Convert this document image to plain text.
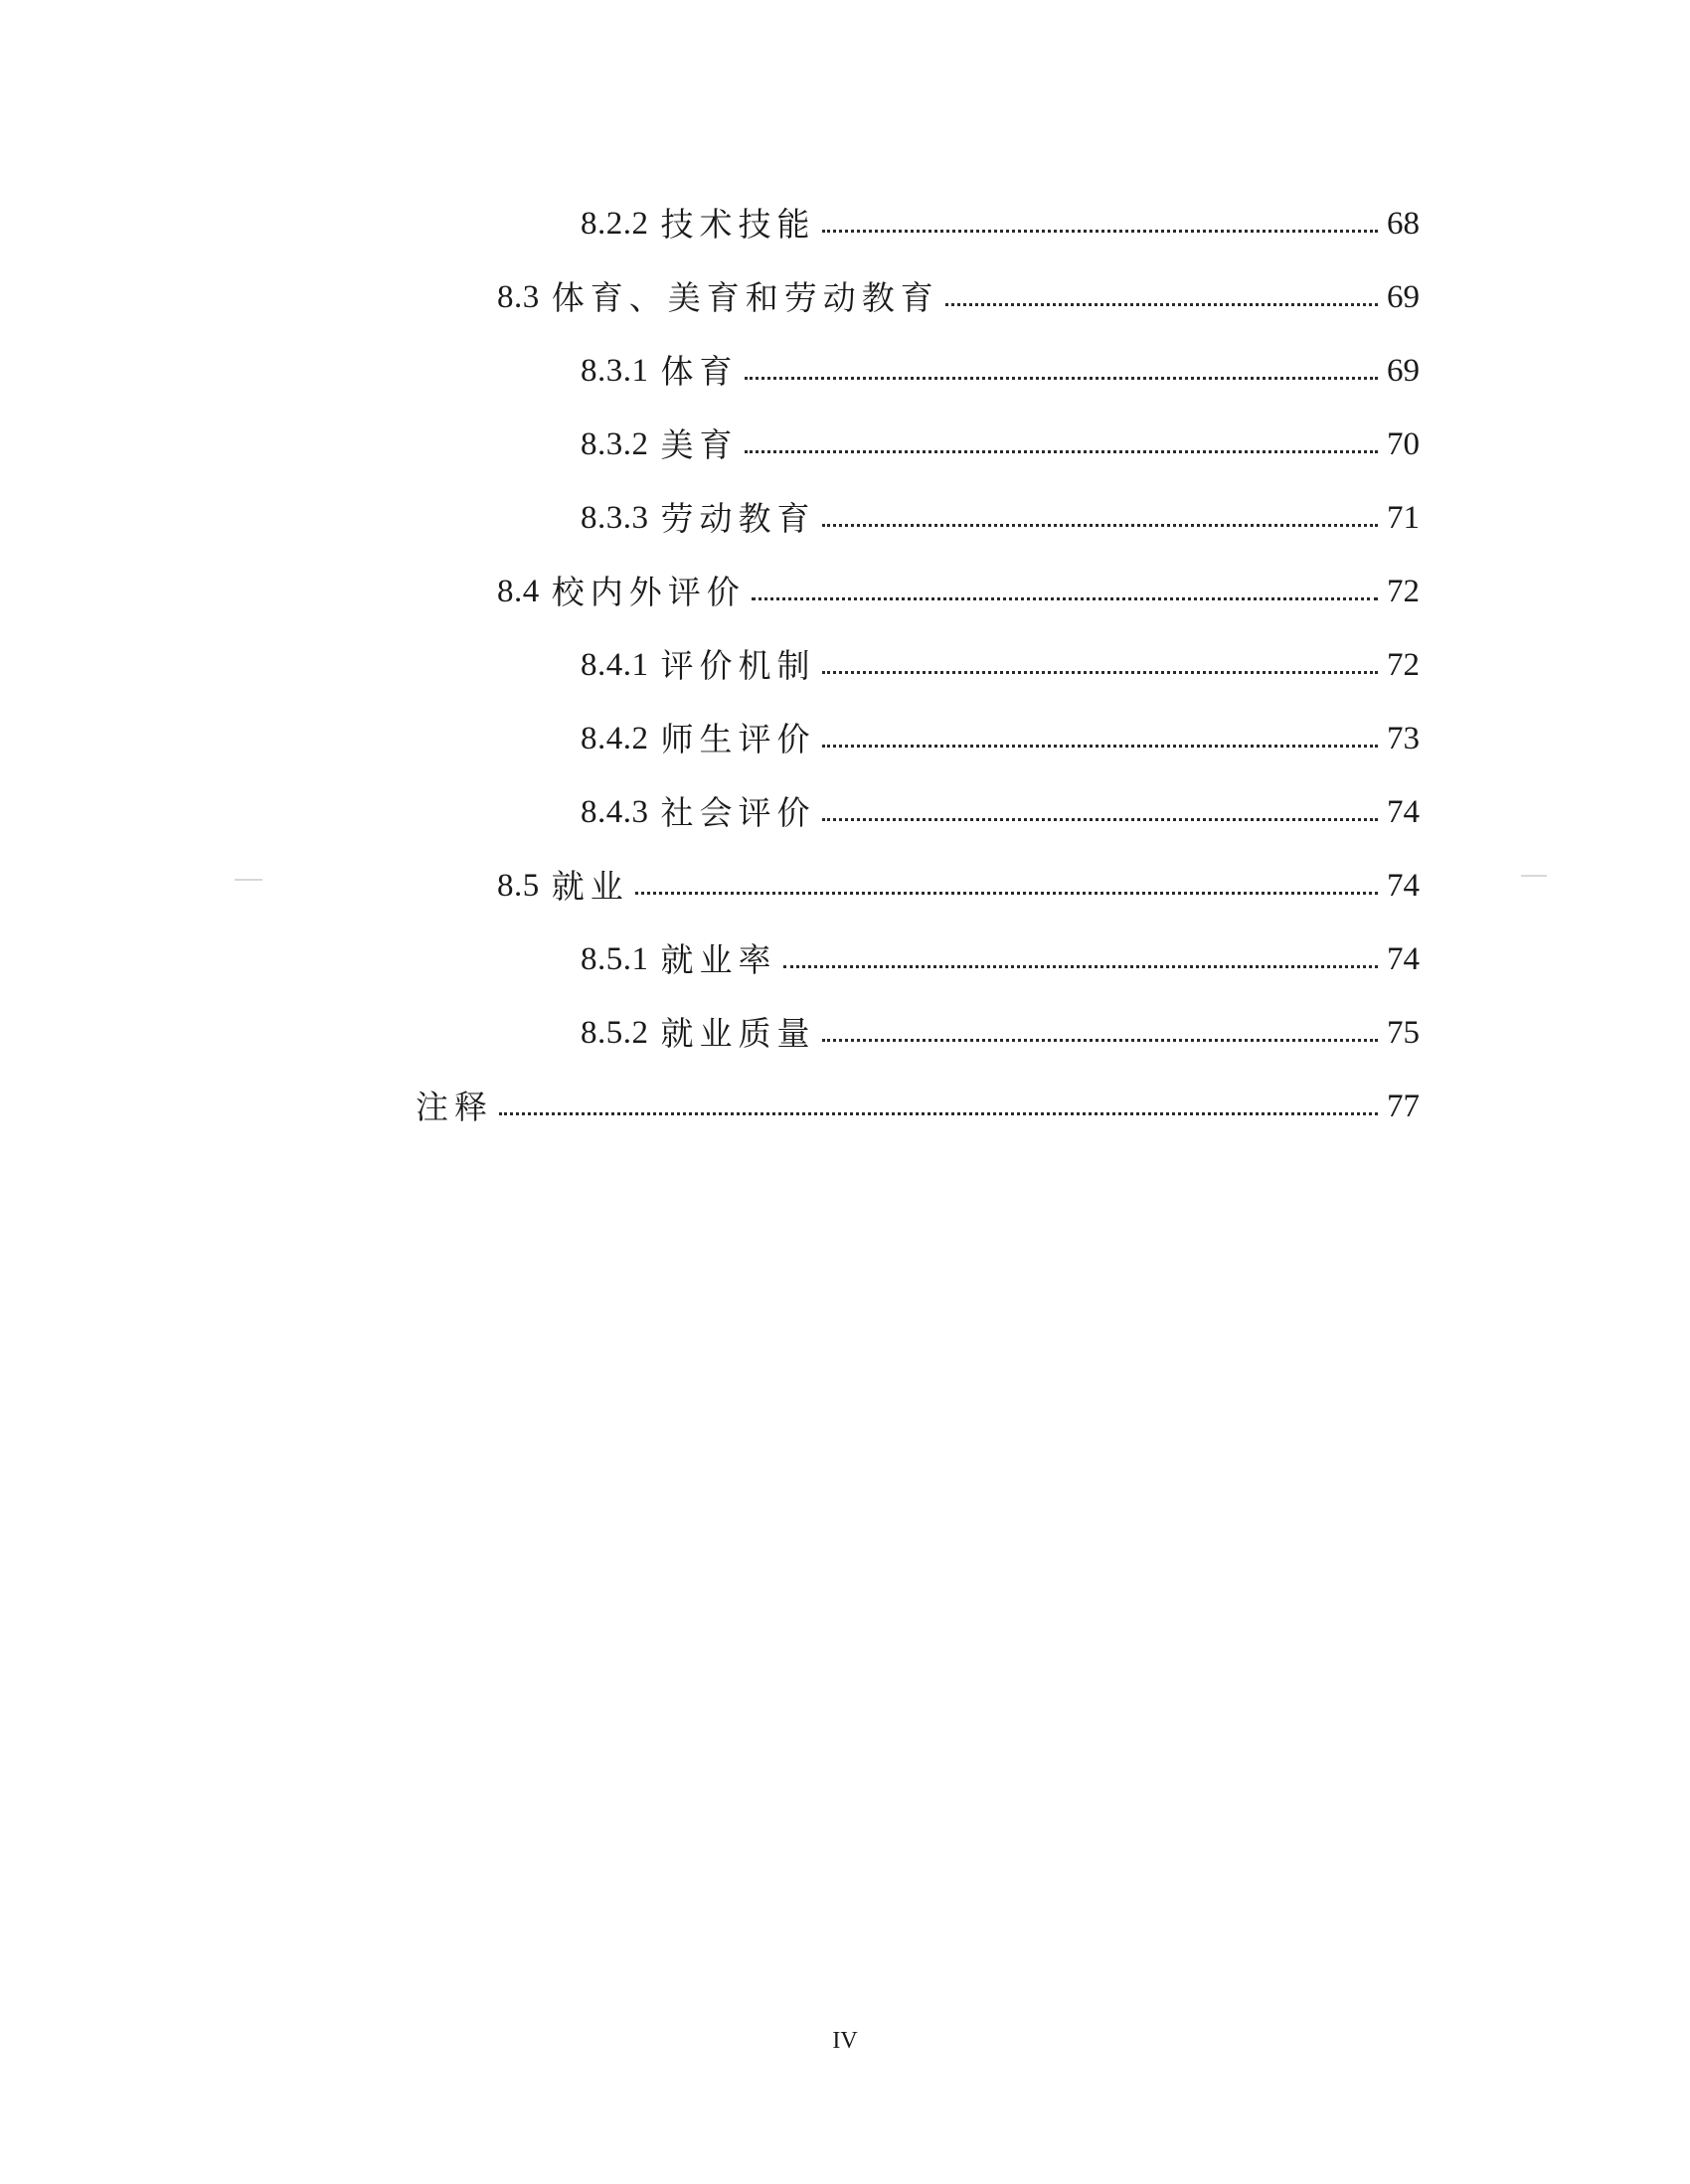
8.2.2 技术技能	68
8.3 体育、美育和劳动教育	69
8.3.1 体育	69
8.3.2 美育	70
8.3.3 劳动教育	71
8.4 校内外评价	72
8.4.1 评价机制	72
8.4.2 师生评价	73
8.4.3 社会评价	74
8.5 就业	74
8.5.1 就业率	74
8.5.2 就业质量	75
注释	77
IV
